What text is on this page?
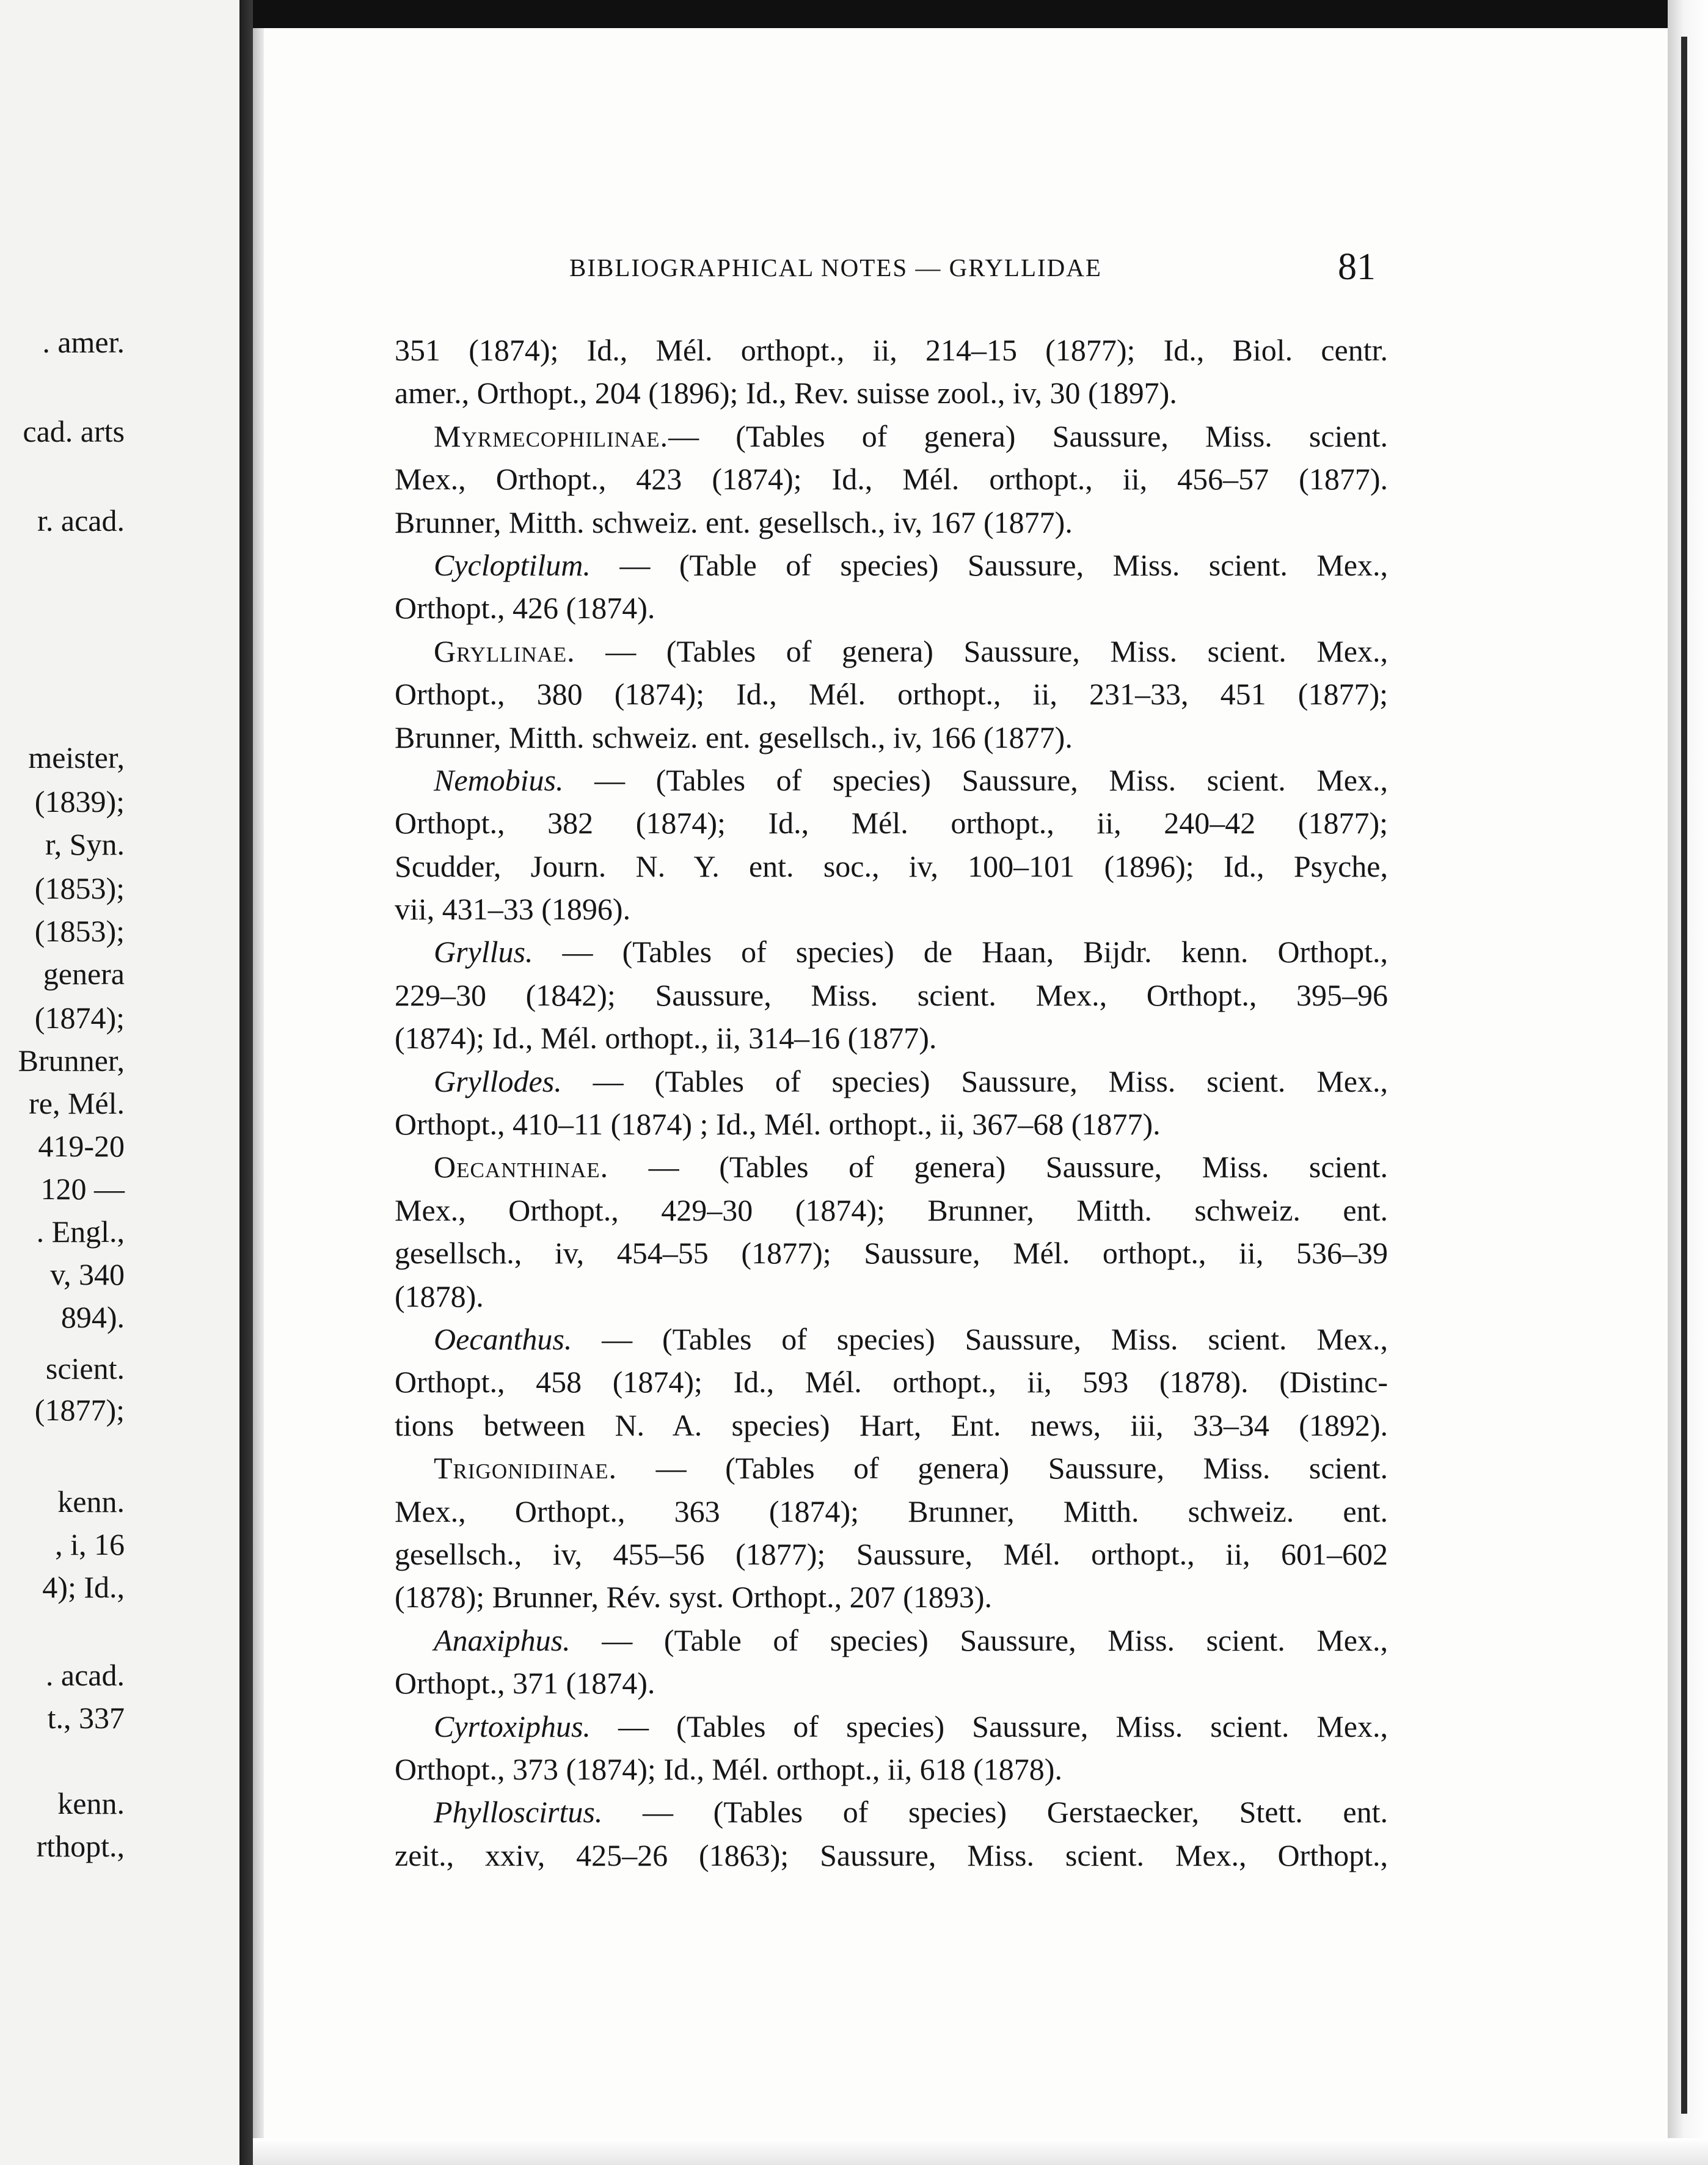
. amer.
cad. arts
r. acad.
meister,
(1839);
r, Syn.
(1853);
(1853);
genera
(1874);
Brunner,
re, Mél.
419-20
120 —
. Engl.,
v, 340
894).
scient.
(1877);
kenn.
, i, 16
4); Id.,
. acad.
t., 337
kenn.
rthopt.,
BIBLIOGRAPHICAL NOTES — GRYLLIDAE	81
351 (1874); Id., Mél. orthopt., ii, 214–15 (1877); Id., Biol. centr.
amer., Orthopt., 204 (1896); Id., Rev. suisse zool., iv, 30 (1897).
Myrmecophilinae.— (Tables of genera) Saussure, Miss. scient.
Mex., Orthopt., 423 (1874); Id., Mél. orthopt., ii, 456–57 (1877).
Brunner, Mitth. schweiz. ent. gesellsch., iv, 167 (1877).
Cycloptilum. — (Table of species) Saussure, Miss. scient. Mex.,
Orthopt., 426 (1874).
Gryllinae. — (Tables of genera) Saussure, Miss. scient. Mex.,
Orthopt., 380 (1874); Id., Mél. orthopt., ii, 231–33, 451 (1877);
Brunner, Mitth. schweiz. ent. gesellsch., iv, 166 (1877).
Nemobius. — (Tables of species) Saussure, Miss. scient. Mex.,
Orthopt., 382 (1874); Id., Mél. orthopt., ii, 240–42 (1877);
Scudder, Journ. N. Y. ent. soc., iv, 100–101 (1896); Id., Psyche,
vii, 431–33 (1896).
Gryllus. — (Tables of species) de Haan, Bijdr. kenn. Orthopt.,
229–30 (1842); Saussure, Miss. scient. Mex., Orthopt., 395–96
(1874); Id., Mél. orthopt., ii, 314–16 (1877).
Gryllodes. — (Tables of species) Saussure, Miss. scient. Mex.,
Orthopt., 410–11 (1874) ; Id., Mél. orthopt., ii, 367–68 (1877).
Oecanthinae. — (Tables of genera) Saussure, Miss. scient.
Mex., Orthopt., 429–30 (1874); Brunner, Mitth. schweiz. ent.
gesellsch., iv, 454–55 (1877); Saussure, Mél. orthopt., ii, 536–39
(1878).
Oecanthus. — (Tables of species) Saussure, Miss. scient. Mex.,
Orthopt., 458 (1874); Id., Mél. orthopt., ii, 593 (1878). (Distinc-
tions between N. A. species) Hart, Ent. news, iii, 33–34 (1892).
Trigonidiinae. — (Tables of genera) Saussure, Miss. scient.
Mex., Orthopt., 363 (1874); Brunner, Mitth. schweiz. ent.
gesellsch., iv, 455–56 (1877); Saussure, Mél. orthopt., ii, 601–602
(1878); Brunner, Rév. syst. Orthopt., 207 (1893).
Anaxiphus. — (Table of species) Saussure, Miss. scient. Mex.,
Orthopt., 371 (1874).
Cyrtoxiphus. — (Tables of species) Saussure, Miss. scient. Mex.,
Orthopt., 373 (1874); Id., Mél. orthopt., ii, 618 (1878).
Phylloscirtus. — (Tables of species) Gerstaecker, Stett. ent.
zeit., xxiv, 425–26 (1863); Saussure, Miss. scient. Mex., Orthopt.,
